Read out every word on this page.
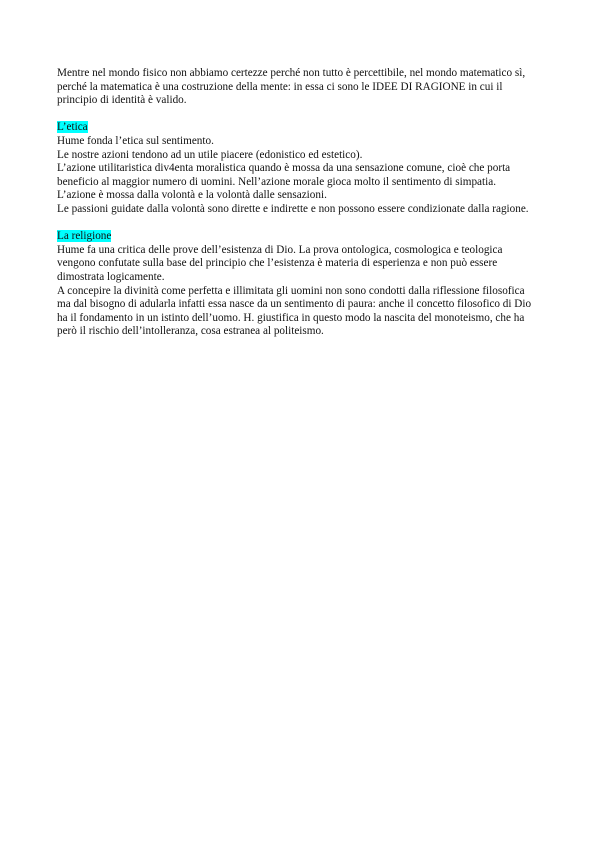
Mentre nel mondo fisico non abbiamo certezze perché non tutto è percettibile, nel mondo matematico sì, perché la matematica è una costruzione della mente: in essa ci sono le IDEE DI RAGIONE in cui il principio di identità è valido.

L’etica
Hume fonda l’etica sul sentimento.
Le nostre azioni tendono ad un utile piacere (edonistico ed estetico).
L’azione utilitaristica div4enta moralistica quando è mossa da una sensazione comune, cioè che porta beneficio al maggior numero di uomini. Nell’azione morale gioca molto il sentimento di simpatia.
L’azione è mossa dalla volontà e la volontà dalle sensazioni.
Le passioni guidate dalla volontà sono dirette e indirette e non possono essere condizionate dalla ragione.
La religione
Hume fa una critica delle prove dell’esistenza di Dio. La prova ontologica, cosmologica e teologica vengono confutate sulla base del principio che l’esistenza è materia di esperienza e non può essere dimostrata logicamente.
A concepire la divinità come perfetta e illimitata gli uomini non sono condotti dalla riflessione filosofica ma dal bisogno di adularla infatti essa nasce da un sentimento di paura: anche il concetto filosofico di Dio ha il fondamento in un istinto dell’uomo. H. giustifica in questo modo la nascita del monoteismo, che ha però il rischio dell’intolleranza, cosa estranea al politeismo.
